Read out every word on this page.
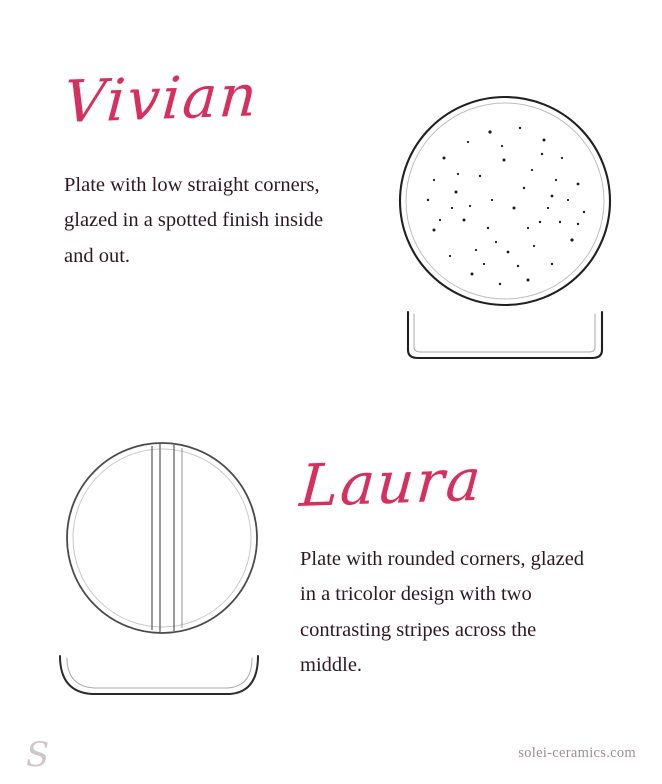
Vivian
Plate with low straight corners, glazed in a spotted finish inside and out.
Laura
Plate with rounded corners, glazed in a tricolor design with two contrasting stripes across the middle.
S	solei-ceramics.com
